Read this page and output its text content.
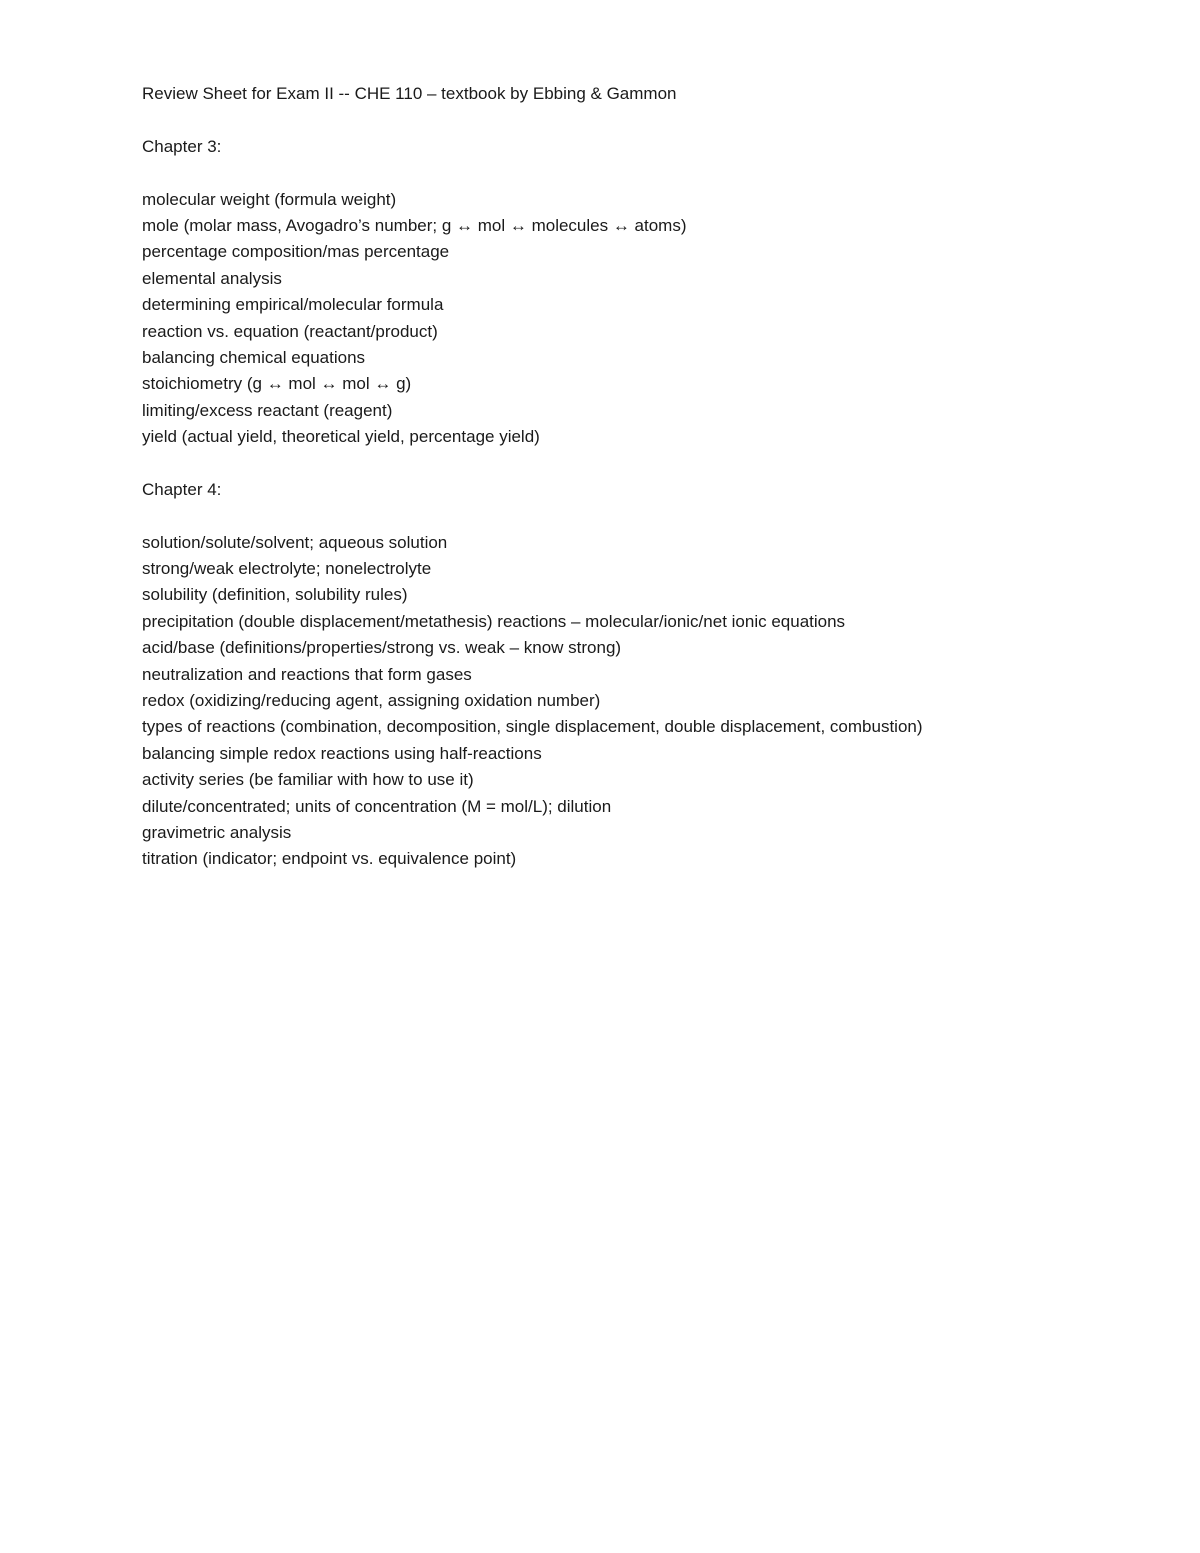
Review Sheet for Exam II -- CHE 110 – textbook by Ebbing & Gammon

Chapter 3:

molecular weight (formula weight)
mole (molar mass, Avogadro’s number; g ↔ mol ↔ molecules ↔ atoms)
percentage composition/mas percentage
elemental analysis
determining empirical/molecular formula
reaction vs. equation (reactant/product)
balancing chemical equations
stoichiometry (g ↔ mol ↔ mol ↔ g)
limiting/excess reactant (reagent)
yield (actual yield, theoretical yield, percentage yield)

Chapter 4:

solution/solute/solvent; aqueous solution
strong/weak electrolyte; nonelectrolyte
solubility (definition, solubility rules)
precipitation (double displacement/metathesis) reactions – molecular/ionic/net ionic equations
acid/base (definitions/properties/strong vs. weak – know strong)
neutralization and reactions that form gases
redox (oxidizing/reducing agent, assigning oxidation number)
types of reactions (combination, decomposition, single displacement, double displacement, combustion)
balancing simple redox reactions using half-reactions
activity series (be familiar with how to use it)
dilute/concentrated; units of concentration (M = mol/L); dilution
gravimetric analysis
titration (indicator; endpoint vs. equivalence point)
